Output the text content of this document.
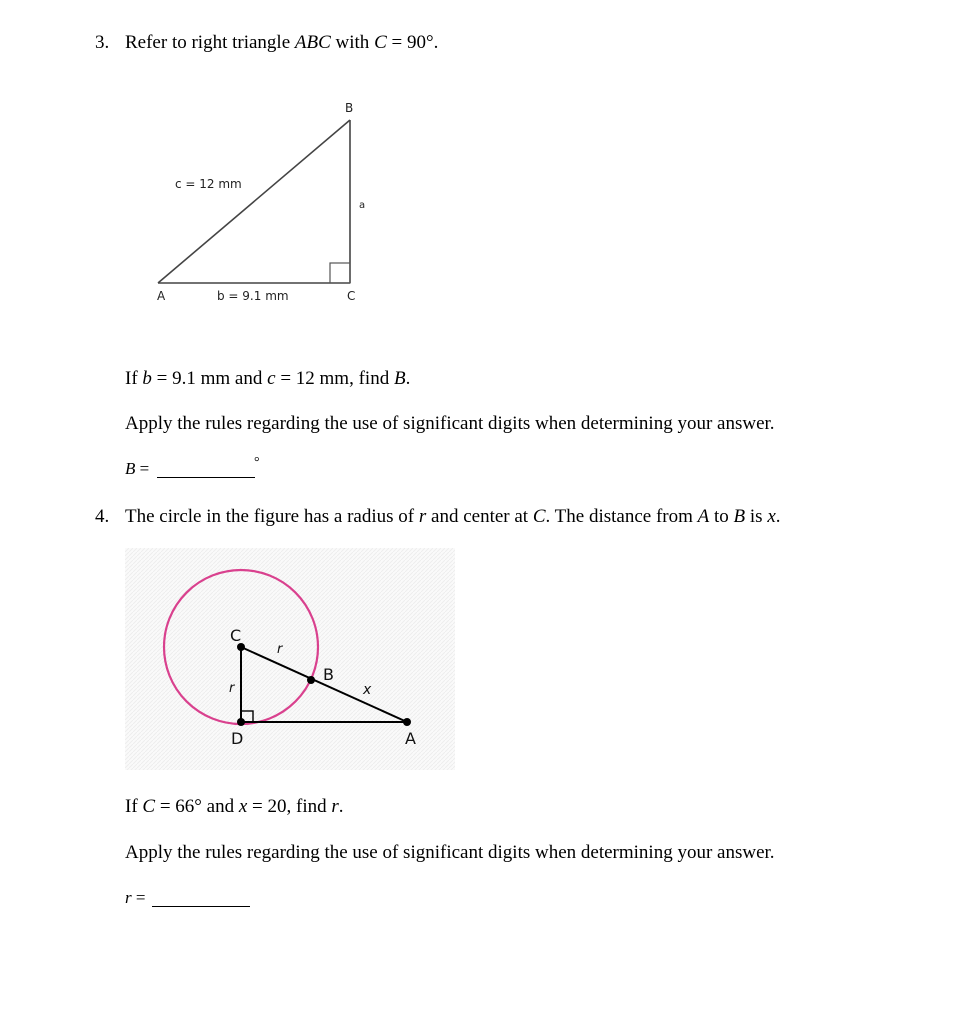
3. Refer to right triangle ABC with C = 90°.
B
c = 12 mm
a
A	b = 9.1 mm	C
If b = 9.1 mm and c = 12 mm, find B.
Apply the rules regarding the use of significant digits when determining your answer.
B =	°
4. The circle in the figure has a radius of r and center at C. The distance from A to B is x.
C
r
B
x
r
D	A
If C = 66° and x = 20, find r.
Apply the rules regarding the use of significant digits when determining your answer.
r =
